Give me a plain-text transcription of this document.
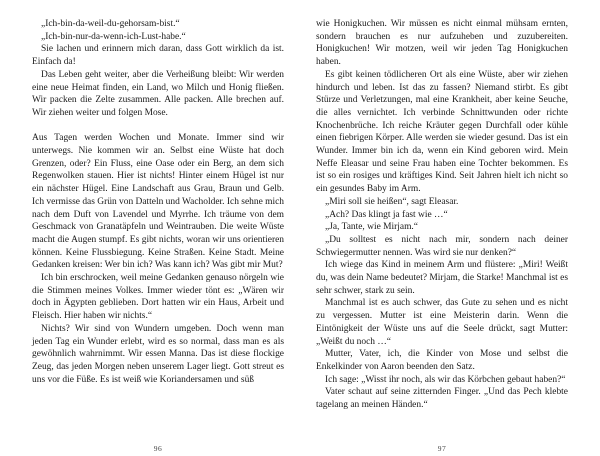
„Ich-bin-da-weil-du-gehorsam-bist.“

„Ich-bin-nur-da-wenn-ich-Lust-habe.“

Sie lachen und erinnern mich daran, dass Gott wirklich da ist. Einfach da!

Das Leben geht weiter, aber die Verheißung bleibt: Wir werden eine neue Heimat finden, ein Land, wo Milch und Honig fließen. Wir packen die Zelte zusammen. Alle packen. Alle brechen auf. Wir ziehen weiter und folgen Mose.

Aus Tagen werden Wochen und Monate. Immer sind wir unterwegs. Nie kommen wir an. Selbst eine Wüste hat doch Grenzen, oder? Ein Fluss, eine Oase oder ein Berg, an dem sich Regenwolken stauen. Hier ist nichts! Hinter einem Hügel ist nur ein nächster Hügel. Eine Landschaft aus Grau, Braun und Gelb. Ich vermisse das Grün von Datteln und Wacholder. Ich sehne mich nach dem Duft von Lavendel und Myrrhe. Ich träume von dem Geschmack von Granatäpfeln und Weintrauben. Die weite Wüste macht die Augen stumpf. Es gibt nichts, woran wir uns orientieren können. Keine Flussbiegung. Keine Straßen. Keine Stadt. Meine Gedanken kreisen: Wer bin ich? Was kann ich? Was gibt mir Mut?

Ich bin erschrocken, weil meine Gedanken genauso nörgeln wie die Stimmen meines Volkes. Immer wieder tönt es: „Wären wir doch in Ägypten geblieben. Dort hatten wir ein Haus, Arbeit und Fleisch. Hier haben wir nichts.“

Nichts? Wir sind von Wundern umgeben. Doch wenn man jeden Tag ein Wunder erlebt, wird es so normal, dass man es als gewöhnlich wahrnimmt. Wir essen Manna. Das ist diese flockige Zeug, das jeden Morgen neben unserem Lager liegt. Gott streut es uns vor die Füße. Es ist weiß wie Koriandersamen und süß

96

wie Honigkuchen. Wir müssen es nicht einmal mühsam ernten, sondern brauchen es nur aufzuheben und zuzubereiten. Honigkuchen! Wir motzen, weil wir jeden Tag Honigkuchen haben.

Es gibt keinen tödlicheren Ort als eine Wüste, aber wir ziehen hindurch und leben. Ist das zu fassen? Niemand stirbt. Es gibt Stürze und Verletzungen, mal eine Krankheit, aber keine Seuche, die alles vernichtet. Ich verbinde Schnittwunden oder richte Knochenbrüche. Ich reiche Kräuter gegen Durchfall oder kühle einen fiebrigen Körper. Alle werden sie wieder gesund. Das ist ein Wunder. Immer bin ich da, wenn ein Kind geboren wird. Mein Neffe Eleasar und seine Frau haben eine Tochter bekommen. Es ist so ein rosiges und kräftiges Kind. Seit Jahren hielt ich nicht so ein gesundes Baby im Arm.

„Miri soll sie heißen“, sagt Eleasar.

„Ach? Das klingt ja fast wie …“

„Ja, Tante, wie Mirjam.“

„Du solltest es nicht nach mir, sondern nach deiner Schwiegermutter nennen. Was wird sie nur denken?“

Ich wiege das Kind in meinem Arm und flüstere: „Miri! Weißt du, was dein Name bedeutet? Mirjam, die Starke! Manchmal ist es sehr schwer, stark zu sein.

Manchmal ist es auch schwer, das Gute zu sehen und es nicht zu vergessen. Mutter ist eine Meisterin darin. Wenn die Eintönigkeit der Wüste uns auf die Seele drückt, sagt Mutter: „Weißt du noch …“

Mutter, Vater, ich, die Kinder von Mose und selbst die Enkelkinder von Aaron beenden den Satz.

Ich sage: „Wisst ihr noch, als wir das Körbchen gebaut haben?“

Vater schaut auf seine zitternden Finger. „Und das Pech klebte tagelang an meinen Händen.“

97
